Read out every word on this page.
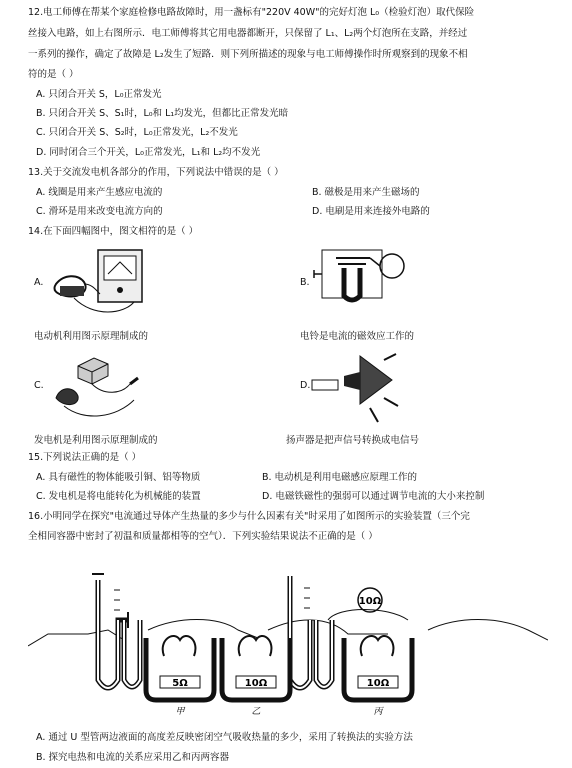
12.电工师傅在帮某个家庭检修电路故障时，用一盏标有"220V 40W"的完好灯泡 L₀（检验灯泡）取代保险
丝接入电路，如上右图所示．电工师傅将其它用电器都断开，只保留了 L₁、L₂两个灯泡所在支路，并经过
一系列的操作，确定了故障是 L₂发生了短路．则下列所描述的现象与电工师傅操作时所观察到的现象不相
符的是（ ）
A. 只闭合开关 S，L₀正常发光
B. 只闭合开关 S、S₁时，L₀和 L₁均发光，但都比正常发光暗
C. 只闭合开关 S、S₂时，L₀正常发光，L₂不发光
D. 同时闭合三个开关，L₀正常发光，L₁和 L₂均不发光
13.关于交流发电机各部分的作用，下列说法中错误的是（ ）
A. 线圈是用来产生感应电流的	B. 磁极是用来产生磁场的
C. 滑环是用来改变电流方向的	D. 电刷是用来连接外电路的
14.在下面四幅图中，图文相符的是（ ）
A.	B.
电动机利用图示原理制成的	电铃是电流的磁效应工作的
C.	D.
发电机是利用图示原理制成的	扬声器是把声信号转换成电信号
15.下列说法正确的是（ ）
A. 具有磁性的物体能吸引铜、铝等物质	B. 电动机是利用电磁感应原理工作的
C. 发电机是将电能转化为机械能的装置	D. 电磁铁磁性的强弱可以通过调节电流的大小来控制
16.小明同学在探究"电流通过导体产生热量的多少与什么因素有关"时采用了如图所示的实验装置（三个完
全相同容器中密封了初温和质量都相等的空气）．下列实验结果说法不正确的是（ ）
5Ω	10Ω
10Ω
10Ω
甲	乙	丙
A. 通过 U 型管两边液面的高度差反映密闭空气吸收热量的多少，采用了转换法的实验方法
B. 探究电热和电流的关系应采用乙和丙两容器
